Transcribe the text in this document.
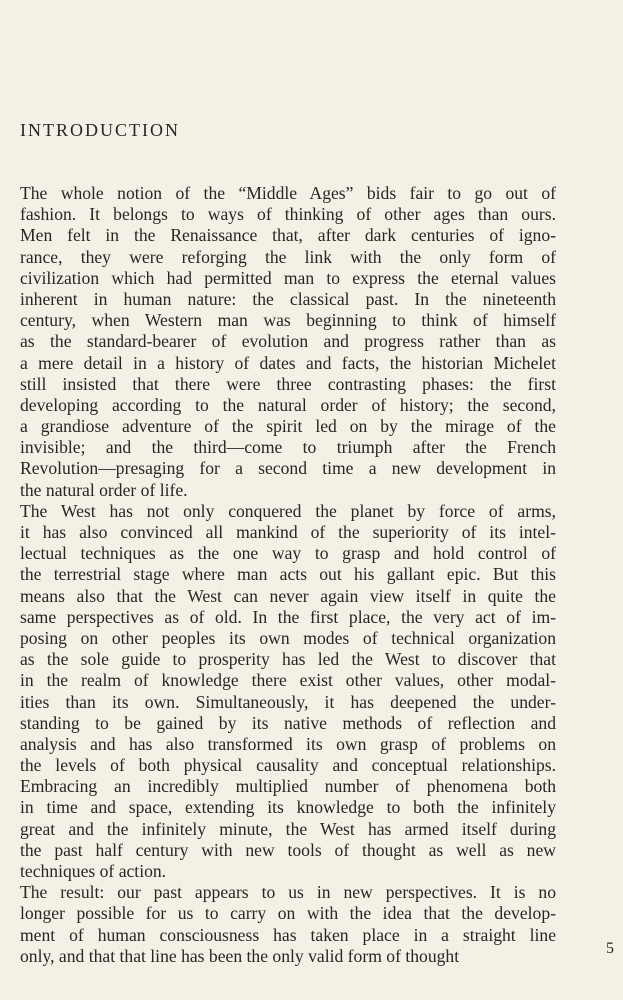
INTRODUCTION
The whole notion of the “Middle Ages” bids fair to go out of
fashion. It belongs to ways of thinking of other ages than ours.
Men felt in the Renaissance that, after dark centuries of igno-
rance, they were reforging the link with the only form of
civilization which had permitted man to express the eternal values
inherent in human nature: the classical past. In the nineteenth
century, when Western man was beginning to think of himself
as the standard-bearer of evolution and progress rather than as
a mere detail in a history of dates and facts, the historian Michelet
still insisted that there were three contrasting phases: the first
developing according to the natural order of history; the second,
a grandiose adventure of the spirit led on by the mirage of the
invisible; and the third—come to triumph after the French
Revolution—presaging for a second time a new development in
the natural order of life.
The West has not only conquered the planet by force of arms,
it has also convinced all mankind of the superiority of its intel-
lectual techniques as the one way to grasp and hold control of
the terrestrial stage where man acts out his gallant epic. But this
means also that the West can never again view itself in quite the
same perspectives as of old. In the first place, the very act of im-
posing on other peoples its own modes of technical organization
as the sole guide to prosperity has led the West to discover that
in the realm of knowledge there exist other values, other modal-
ities than its own. Simultaneously, it has deepened the under-
standing to be gained by its native methods of reflection and
analysis and has also transformed its own grasp of problems on
the levels of both physical causality and conceptual relationships.
Embracing an incredibly multiplied number of phenomena both
in time and space, extending its knowledge to both the infinitely
great and the infinitely minute, the West has armed itself during
the past half century with new tools of thought as well as new
techniques of action.
The result: our past appears to us in new perspectives. It is no
longer possible for us to carry on with the idea that the develop-
ment of human consciousness has taken place in a straight line
only, and that that line has been the only valid form of thought	5
